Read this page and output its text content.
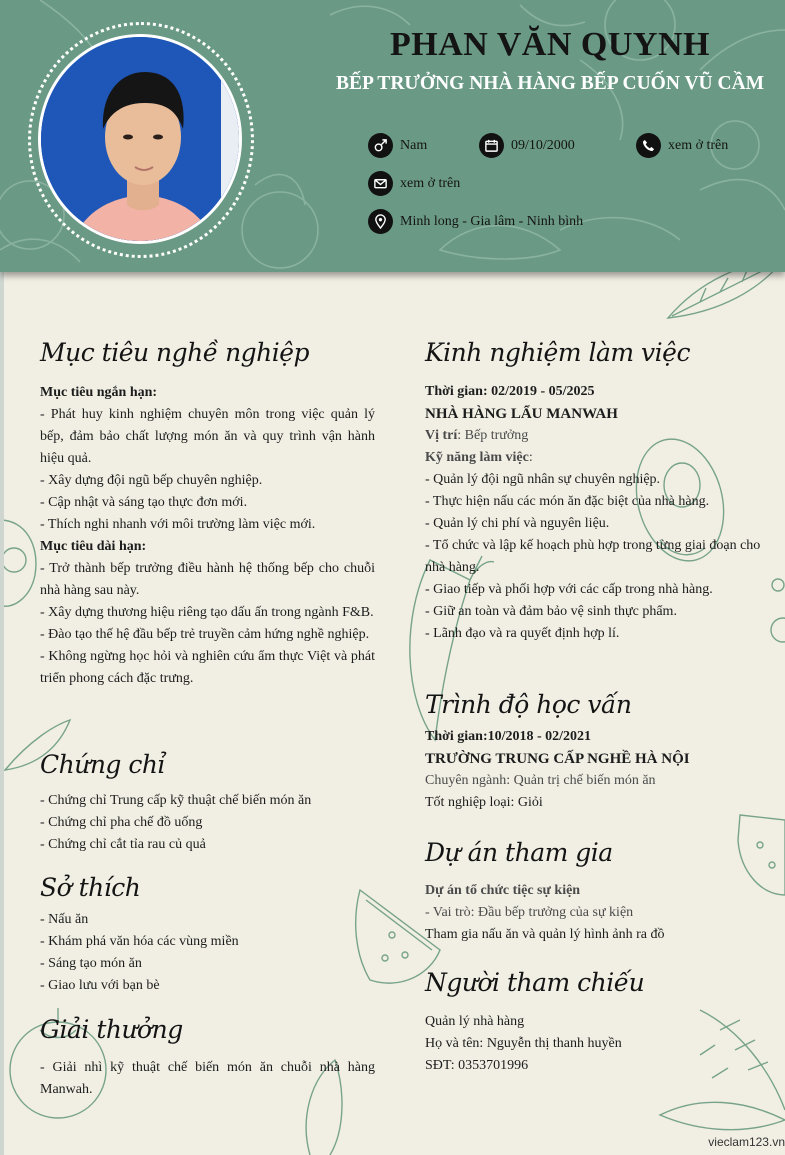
PHAN VĂN QUYNH
BẾP TRƯỞNG NHÀ HÀNG BẾP CUỐN VŨ CẦM
Nam	09/10/2000	xem ở trên
xem ở trên
Minh long - Gia lâm - Ninh bình
Mục tiêu nghề nghiệp
Mục tiêu ngắn hạn:
- Phát huy kinh nghiệm chuyên môn trong việc quản lý bếp, đảm bảo chất lượng món ăn và quy trình vận hành hiệu quả.
- Xây dựng đội ngũ bếp chuyên nghiệp.
- Cập nhật và sáng tạo thực đơn mới.
- Thích nghi nhanh với môi trường làm việc mới.
Mục tiêu dài hạn:
- Trở thành bếp trưởng điều hành hệ thống bếp cho chuỗi nhà hàng sau này.
- Xây dựng thương hiệu riêng tạo dấu ấn trong ngành F&B.
- Đào tạo thế hệ đầu bếp trẻ truyền cảm hứng nghề nghiệp.
- Không ngừng học hỏi và nghiên cứu ẩm thực Việt và phát triển phong cách đặc trưng.
Chứng chỉ
- Chứng chỉ Trung cấp kỹ thuật chế biến món ăn
- Chứng chỉ pha chế đồ uống
- Chứng chỉ cắt tỉa rau củ quả
Sở thích
- Nấu ăn
- Khám phá văn hóa các vùng miền
- Sáng tạo món ăn
- Giao lưu với bạn bè
Giải thưởng
- Giải nhì kỹ thuật chế biến món ăn chuỗi nhà hàng Manwah.
Kinh nghiệm làm việc
Thời gian: 02/2019 - 05/2025
NHÀ HÀNG LẨU MANWAH
Vị trí: Bếp trưởng
Kỹ năng làm việc:
- Quản lý đội ngũ nhân sự chuyên nghiệp.
- Thực hiện nấu các món ăn đặc biệt của nhà hàng.
- Quản lý chi phí và nguyên liệu.
- Tổ chức và lập kế hoạch phù hợp trong từng giai đoạn cho nhà hàng.
- Giao tiếp và phối hợp với các cấp trong nhà hàng.
- Giữ an toàn và đảm bảo vệ sinh thực phẩm.
- Lãnh đạo và ra quyết định hợp lí.
Trình độ học vấn
Thời gian:10/2018 - 02/2021
TRƯỜNG TRUNG CẤP NGHỀ HÀ NỘI
Chuyên ngành: Quản trị chế biến món ăn
Tốt nghiệp loại: Giỏi
Dự án tham gia
Dự án tổ chức tiệc sự kiện
- Vai trò: Đầu bếp trưởng của sự kiện
Tham gia nấu ăn và quản lý hình ảnh ra đồ
Người tham chiếu
Quản lý nhà hàng
Họ và tên: Nguyễn thị thanh huyền
SĐT: 0353701996
vieclam123.vn
